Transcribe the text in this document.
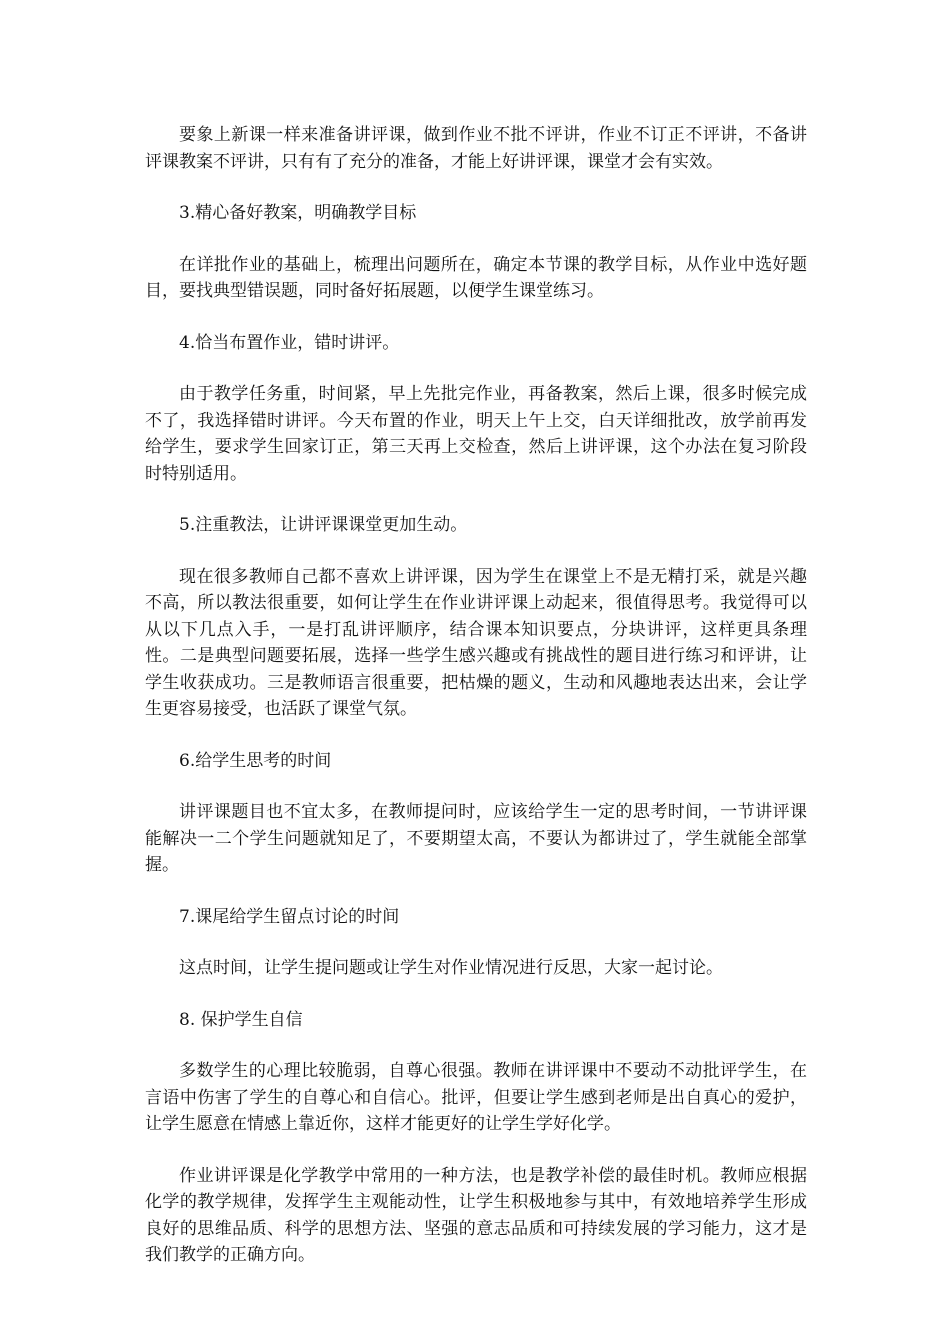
要象上新课一样来准备讲评课，做到作业不批不评讲，作业不订正不评讲，不备讲评课教案不评讲，只有有了充分的准备，才能上好讲评课，课堂才会有实效。

3.精心备好教案，明确教学目标

在详批作业的基础上，梳理出问题所在，确定本节课的教学目标，从作业中选好题目，要找典型错误题，同时备好拓展题，以便学生课堂练习。

4.恰当布置作业，错时讲评。

由于教学任务重，时间紧，早上先批完作业，再备教案，然后上课，很多时候完成不了，我选择错时讲评。今天布置的作业，明天上午上交，白天详细批改，放学前再发给学生，要求学生回家订正，第三天再上交检查，然后上讲评课，这个办法在复习阶段时特别适用。

5.注重教法，让讲评课课堂更加生动。

现在很多教师自己都不喜欢上讲评课，因为学生在课堂上不是无精打采，就是兴趣不高，所以教法很重要，如何让学生在作业讲评课上动起来，很值得思考。我觉得可以从以下几点入手，一是打乱讲评顺序，结合课本知识要点，分块讲评，这样更具条理性。二是典型问题要拓展，选择一些学生感兴趣或有挑战性的题目进行练习和评讲，让学生收获成功。三是教师语言很重要，把枯燥的题义，生动和风趣地表达出来，会让学生更容易接受，也活跃了课堂气氛。

6.给学生思考的时间

讲评课题目也不宜太多，在教师提问时，应该给学生一定的思考时间，一节讲评课能解决一二个学生问题就知足了，不要期望太高，不要认为都讲过了，学生就能全部掌握。

7.课尾给学生留点讨论的时间

这点时间，让学生提问题或让学生对作业情况进行反思，大家一起讨论。

8. 保护学生自信

多数学生的心理比较脆弱，自尊心很强。教师在讲评课中不要动不动批评学生，在言语中伤害了学生的自尊心和自信心。批评，但要让学生感到老师是出自真心的爱护，让学生愿意在情感上靠近你，这样才能更好的让学生学好化学。

作业讲评课是化学教学中常用的一种方法，也是教学补偿的最佳时机。教师应根据化学的教学规律，发挥学生主观能动性，让学生积极地参与其中，有效地培养学生形成良好的思维品质、科学的思想方法、坚强的意志品质和可持续发展的学习能力，这才是我们教学的正确方向。
